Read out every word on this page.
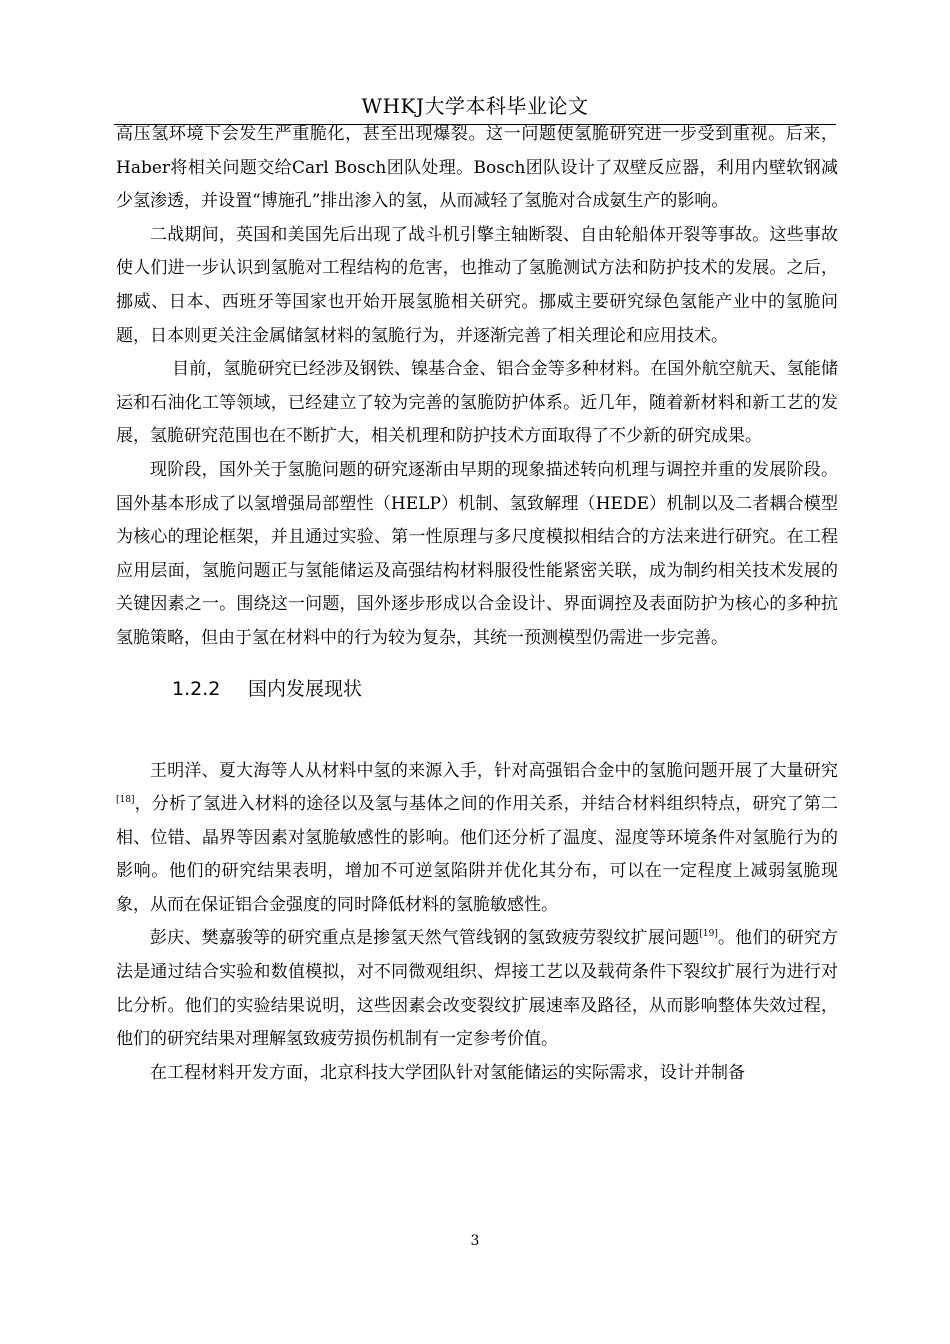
WHKJ大学本科毕业论文

高压氢环境下会发生严重脆化，甚至出现爆裂。这一问题使氢脆研究进一步受到重视。后来，Haber将相关问题交给Carl Bosch团队处理。Bosch团队设计了双壁反应器，利用内壁软钢减少氢渗透，并设置“博施孔”排出渗入的氢，从而减轻了氢脆对合成氨生产的影响。

二战期间，英国和美国先后出现了战斗机引擎主轴断裂、自由轮船体开裂等事故。这些事故使人们进一步认识到氢脆对工程结构的危害，也推动了氢脆测试方法和防护技术的发展。之后，挪威、日本、西班牙等国家也开始开展氢脆相关研究。挪威主要研究绿色氢能产业中的氢脆问题，日本则更关注金属储氢材料的氢脆行为，并逐渐完善了相关理论和应用技术。

目前，氢脆研究已经涉及钢铁、镍基合金、铝合金等多种材料。在国外航空航天、氢能储运和石油化工等领域，已经建立了较为完善的氢脆防护体系。近几年，随着新材料和新工艺的发展，氢脆研究范围也在不断扩大，相关机理和防护技术方面取得了不少新的研究成果。

现阶段，国外关于氢脆问题的研究逐渐由早期的现象描述转向机理与调控并重的发展阶段。国外基本形成了以氢增强局部塑性（HELP）机制、氢致解理（HEDE）机制以及二者耦合模型为核心的理论框架，并且通过实验、第一性原理与多尺度模拟相结合的方法来进行研究。在工程应用层面，氢脆问题正与氢能储运及高强结构材料服役性能紧密关联，成为制约相关技术发展的关键因素之一。围绕这一问题，国外逐步形成以合金设计、界面调控及表面防护为核心的多种抗氢脆策略，但由于氢在材料中的行为较为复杂，其统一预测模型仍需进一步完善。

1.2.2 国内发展现状

王明洋、夏大海等人从材料中氢的来源入手，针对高强铝合金中的氢脆问题开展了大量研究[18]，分析了氢进入材料的途径以及氢与基体之间的作用关系，并结合材料组织特点，研究了第二相、位错、晶界等因素对氢脆敏感性的影响。他们还分析了温度、湿度等环境条件对氢脆行为的影响。他们的研究结果表明，增加不可逆氢陷阱并优化其分布，可以在一定程度上减弱氢脆现象，从而在保证铝合金强度的同时降低材料的氢脆敏感性。

彭庆、樊嘉骏等的研究重点是掺氢天然气管线钢的氢致疲劳裂纹扩展问题[19]。他们的研究方法是通过结合实验和数值模拟，对不同微观组织、焊接工艺以及载荷条件下裂纹扩展行为进行对比分析。他们的实验结果说明，这些因素会改变裂纹扩展速率及路径，从而影响整体失效过程，他们的研究结果对理解氢致疲劳损伤机制有一定参考价值。

在工程材料开发方面，北京科技大学团队针对氢能储运的实际需求，设计并制备

3
